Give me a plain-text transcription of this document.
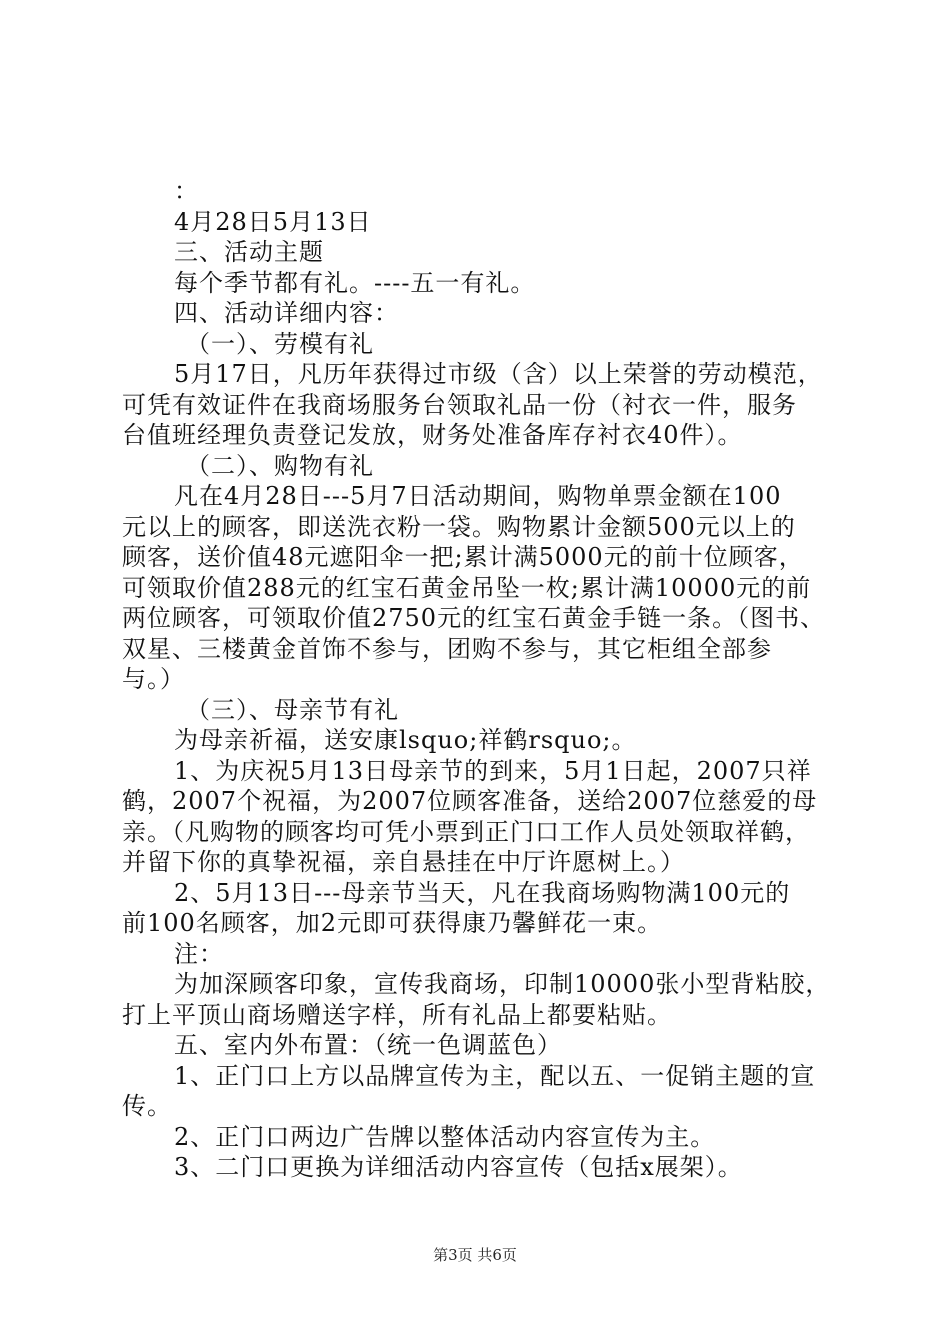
：
4月28日5月13日
三、活动主题
每个季节都有礼。----五一有礼。
四、活动详细内容：
（一）、劳模有礼
5月17日，凡历年获得过市级（含）以上荣誉的劳动模范，
可凭有效证件在我商场服务台领取礼品一份（衬衣一件，服务
台值班经理负责登记发放，财务处准备库存衬衣40件）。
（二）、购物有礼
凡在4月28日---5月7日活动期间，购物单票金额在100
元以上的顾客，即送洗衣粉一袋。购物累计金额500元以上的
顾客，送价值48元遮阳伞一把;累计满5000元的前十位顾客，
可领取价值288元的红宝石黄金吊坠一枚;累计满10000元的前
两位顾客，可领取价值2750元的红宝石黄金手链一条。（图书、
双星、三楼黄金首饰不参与，团购不参与，其它柜组全部参
与。）
（三）、母亲节有礼
为母亲祈福，送安康lsquo;祥鹤rsquo;。
1、为庆祝5月13日母亲节的到来，5月1日起，2007只祥
鹤，2007个祝福，为2007位顾客准备，送给2007位慈爱的母
亲。（凡购物的顾客均可凭小票到正门口工作人员处领取祥鹤，
并留下你的真挚祝福，亲自悬挂在中厅许愿树上。）
2、5月13日---母亲节当天，凡在我商场购物满100元的
前100名顾客，加2元即可获得康乃馨鲜花一束。
注：
为加深顾客印象，宣传我商场，印制10000张小型背粘胶，
打上平顶山商场赠送字样，所有礼品上都要粘贴。
五、室内外布置：（统一色调蓝色）
1、正门口上方以品牌宣传为主，配以五、一促销主题的宣
传。
2、正门口两边广告牌以整体活动内容宣传为主。
3、二门口更换为详细活动内容宣传（包括x展架）。
第3页 共6页
